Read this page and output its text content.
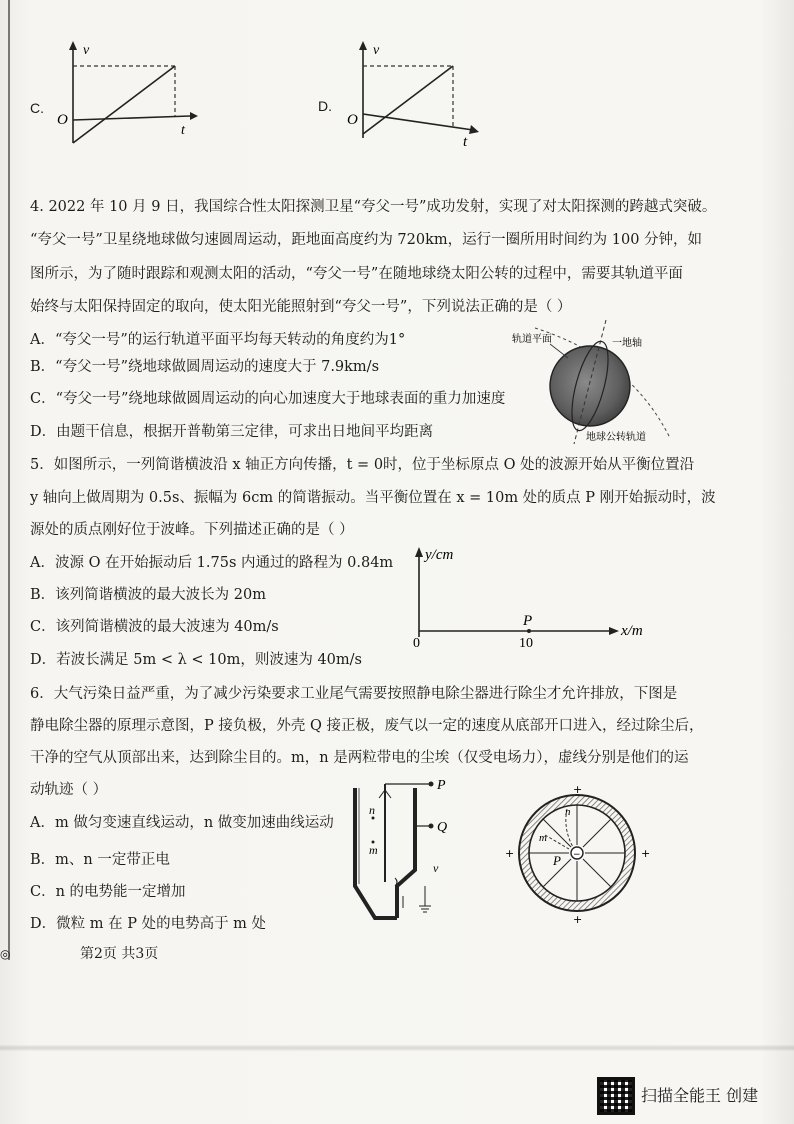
C.
v
t
O
D.
v
t
O
4. 2022 年 10 月 9 日，我国综合性太阳探测卫星“夸父一号”成功发射，实现了对太阳探测的跨越式突破。
“夸父一号”卫星绕地球做匀速圆周运动，距地面高度约为 720km，运行一圈所用时间约为 100 分钟，如
图所示，为了随时跟踪和观测太阳的活动，“夸父一号”在随地球绕太阳公转的过程中，需要其轨道平面
始终与太阳保持固定的取向，使太阳光能照射到“夸父一号”，下列说法正确的是（ ）
A．“夸父一号”的运行轨道平面平均每天转动的角度约为1°
B．“夸父一号”绕地球做圆周运动的速度大于 7.9km/s
C．“夸父一号”绕地球做圆周运动的向心加速度大于地球表面的重力加速度
D．由题干信息，根据开普勒第三定律，可求出日地间平均距离
轨道平面	一地轴
地球公转轨道
5．如图所示，一列简谐横波沿 x 轴正方向传播，t = 0时，位于坐标原点 O 处的波源开始从平衡位置沿
y 轴向上做周期为 0.5s、振幅为 6cm 的简谐振动。当平衡位置在 x = 10m 处的质点 P 刚开始振动时，波
源处的质点刚好位于波峰。下列描述正确的是（ ）
A．波源 O 在开始振动后 1.75s 内通过的路程为 0.84m
B．该列简谐横波的最大波长为 20m
C．该列简谐横波的最大波速为 40m/s
D．若波长满足 5m < λ < 10m，则波速为 40m/s
y/cm
x/m
0
P
10
6．大气污染日益严重，为了减少污染要求工业尾气需要按照静电除尘器进行除尘才允许排放，下图是
静电除尘器的原理示意图，P 接负极，外壳 Q 接正极，废气以一定的速度从底部开口进入，经过除尘后，
干净的空气从顶部出来，达到除尘目的。m，n 是两粒带电的尘埃（仅受电场力），虚线分别是他们的运
动轨迹（ ）
A．m 做匀变速直线运动，n 做变加速曲线运动
B．m、n 一定带正电
C．n 的电势能一定增加
D．微粒 m 在 P 处的电势高于 m 处
P
Q
n
m
v
−
n
m
P
+
+	+
+
◎	第2页 共3页
扫描全能王 创建
